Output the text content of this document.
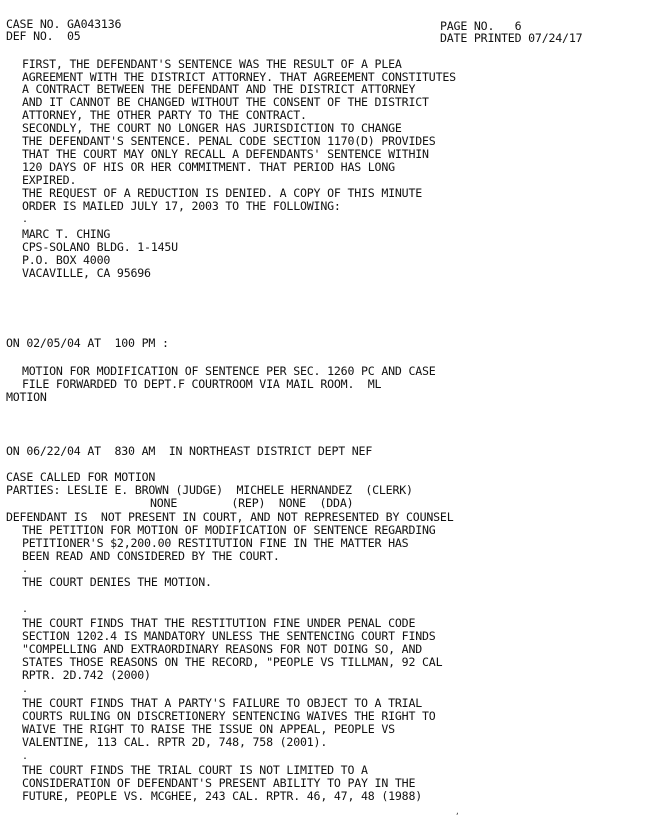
CASE NO. GA043136
DEF NO.  05
PAGE NO.   6
DATE PRINTED 07/24/17
FIRST, THE DEFENDANT'S SENTENCE WAS THE RESULT OF A PLEA
AGREEMENT WITH THE DISTRICT ATTORNEY. THAT AGREEMENT CONSTITUTES
A CONTRACT BETWEEN THE DEFENDANT AND THE DISTRICT ATTORNEY
AND IT CANNOT BE CHANGED WITHOUT THE CONSENT OF THE DISTRICT
ATTORNEY, THE OTHER PARTY TO THE CONTRACT.
SECONDLY, THE COURT NO LONGER HAS JURISDICTION TO CHANGE
THE DEFENDANT'S SENTENCE. PENAL CODE SECTION 1170(D) PROVIDES
THAT THE COURT MAY ONLY RECALL A DEFENDANTS' SENTENCE WITHIN
120 DAYS OF HIS OR HER COMMITMENT. THAT PERIOD HAS LONG
EXPIRED.
THE REQUEST OF A REDUCTION IS DENIED. A COPY OF THIS MINUTE
ORDER IS MAILED JULY 17, 2003 TO THE FOLLOWING:
.
MARC T. CHING
CPS-SOLANO BLDG. 1-145U
P.O. BOX 4000
VACAVILLE, CA 95696
ON 02/05/04 AT  100 PM :
MOTION FOR MODIFICATION OF SENTENCE PER SEC. 1260 PC AND CASE
FILE FORWARDED TO DEPT.F COURTROOM VIA MAIL ROOM.  ML
MOTION
ON 06/22/04 AT  830 AM  IN NORTHEAST DISTRICT DEPT NEF
CASE CALLED FOR MOTION
PARTIES: LESLIE E. BROWN (JUDGE)  MICHELE HERNANDEZ  (CLERK)
NONE        (REP)  NONE  (DDA)
DEFENDANT IS  NOT PRESENT IN COURT, AND NOT REPRESENTED BY COUNSEL
THE PETITION FOR MOTION OF MODIFICATION OF SENTENCE REGARDING
PETITIONER'S $2,200.00 RESTITUTION FINE IN THE MATTER HAS
BEEN READ AND CONSIDERED BY THE COURT.
.
THE COURT DENIES THE MOTION.
.
THE COURT FINDS THAT THE RESTITUTION FINE UNDER PENAL CODE
SECTION 1202.4 IS MANDATORY UNLESS THE SENTENCING COURT FINDS
"COMPELLING AND EXTRAORDINARY REASONS FOR NOT DOING SO, AND
STATES THOSE REASONS ON THE RECORD, "PEOPLE VS TILLMAN, 92 CAL
RPTR. 2D.742 (2000)
.
THE COURT FINDS THAT A PARTY'S FAILURE TO OBJECT TO A TRIAL
COURTS RULING ON DISCRETIONERY SENTENCING WAIVES THE RIGHT TO
WAIVE THE RIGHT TO RAISE THE ISSUE ON APPEAL, PEOPLE VS
VALENTINE, 113 CAL. RPTR 2D, 748, 758 (2001).
.
THE COURT FINDS THE TRIAL COURT IS NOT LIMITED TO A
CONSIDERATION OF DEFENDANT'S PRESENT ABILITY TO PAY IN THE
FUTURE, PEOPLE VS. MCGHEE, 243 CAL. RPTR. 46, 47, 48 (1988)
,
